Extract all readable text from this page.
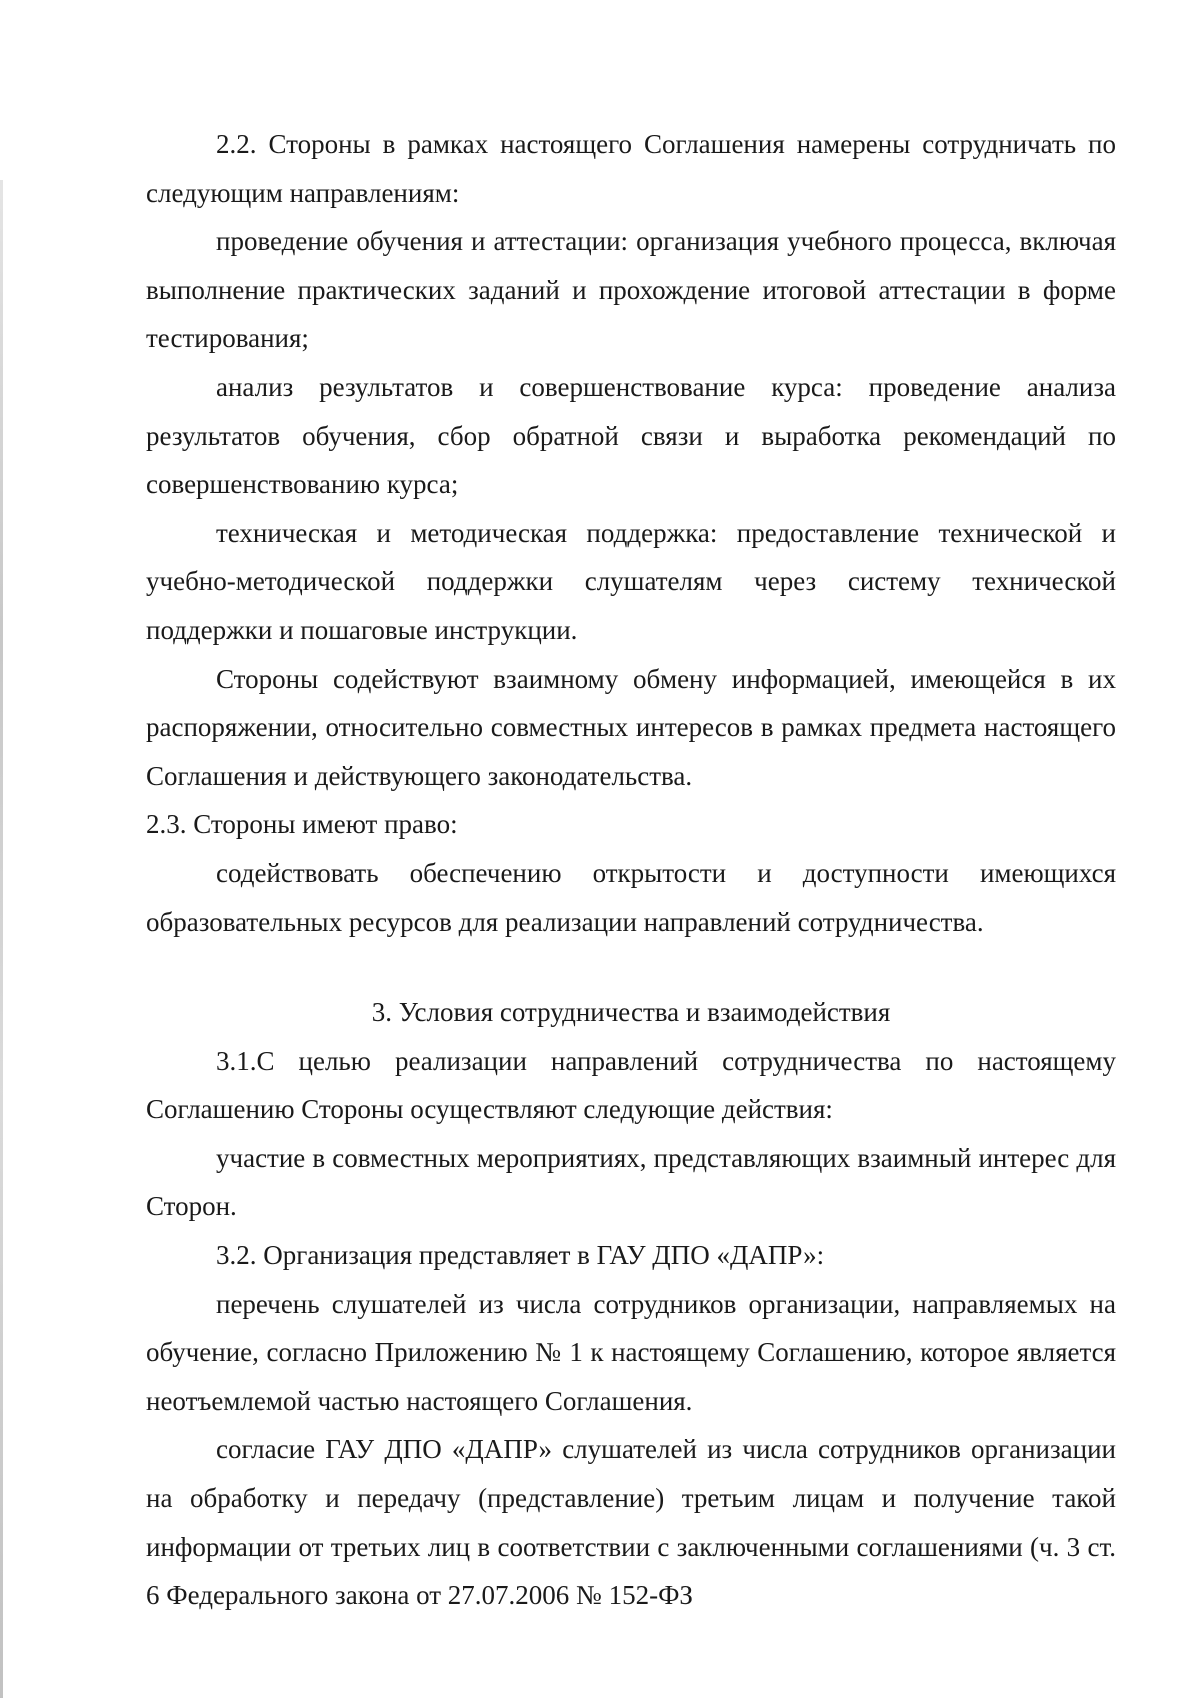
2.2. Стороны в рамках настоящего Соглашения намерены сотрудничать по следующим направлениям:

проведение обучения и аттестации: организация учебного процесса, включая выполнение практических заданий и прохождение итоговой аттестации в форме тестирования;

анализ результатов и совершенствование курса: проведение анализа результатов обучения, сбор обратной связи и выработка рекомендаций по совершенствованию курса;

техническая и методическая поддержка: предоставление технической и учебно-методической поддержки слушателям через систему технической поддержки и пошаговые инструкции.

Стороны содействуют взаимному обмену информацией, имеющейся в их распоряжении, относительно совместных интересов в рамках предмета настоящего Соглашения и действующего законодательства.

2.3. Стороны имеют право:

содействовать обеспечению открытости и доступности имеющихся образовательных ресурсов для реализации направлений сотрудничества.

3. Условия сотрудничества и взаимодействия

3.1.С целью реализации направлений сотрудничества по настоящему Соглашению Стороны осуществляют следующие действия:

участие в совместных мероприятиях, представляющих взаимный интерес для Сторон.

3.2. Организация представляет в ГАУ ДПО «ДАПР»:

перечень слушателей из числа сотрудников организации, направляемых на обучение, согласно Приложению № 1 к настоящему Соглашению, которое является неотъемлемой частью настоящего Соглашения.

согласие ГАУ ДПО «ДАПР» слушателей из числа сотрудников организации на обработку и передачу (представление) третьим лицам и получение такой информации от третьих лиц в соответствии с заключенными соглашениями (ч. 3 ст. 6 Федерального закона от 27.07.2006 № 152-ФЗ
